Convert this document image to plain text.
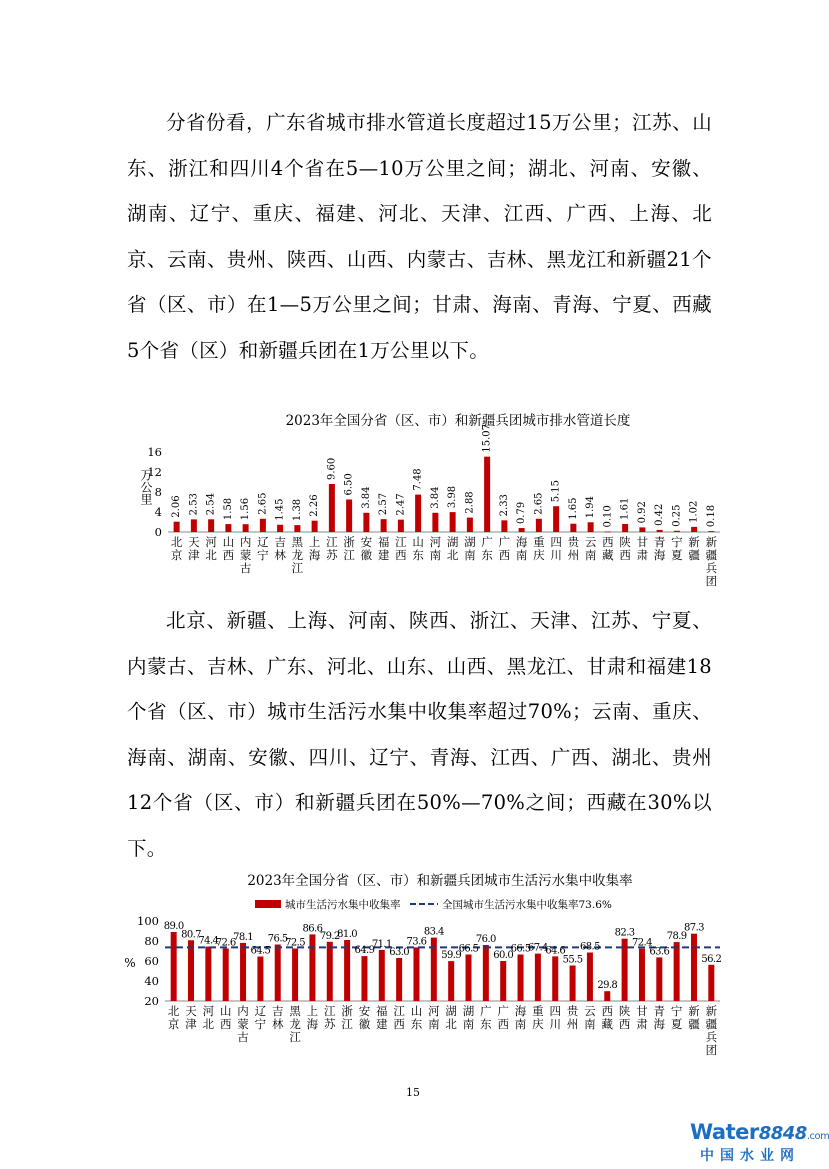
分省份看，广东省城市排水管道长度超过15万公里；江苏、山东、浙江和四川4个省在5—10万公里之间；湖北、河南、安徽、湖南、辽宁、重庆、福建、河北、天津、江西、广西、上海、北京、云南、贵州、陕西、山西、内蒙古、吉林、黑龙江和新疆21个省（区、市）在1—5万公里之间；甘肃、海南、青海、宁夏、西藏5个省（区）和新疆兵团在1万公里以下。

2023年全国分省（区、市）和新疆兵团城市排水管道长度
0
4
8
12
16
万公里
2.06 2.53 2.54 1.58 1.56 2.65 1.45 1.38 2.26
9.60
6.50
3.84 2.57 2.47
7.48
3.84 3.98 2.88
15.07
2.33 0.79 2.65
5.15
1.65 1.94 0.10 1.61 0.92 0.42 0.25 1.02 0.18
北京
天津
河北
山西
内蒙古
辽宁
吉林
黑龙江
上海
江苏
浙江
安徽
福建
江西
山东
河南
湖北
湖南
广东
广西
海南
重庆
四川
贵州
云南
西藏
陕西
甘肃
青海
宁夏
新疆
新疆兵团

北京、新疆、上海、河南、陕西、浙江、天津、江苏、宁夏、内蒙古、吉林、广东、河北、山东、山西、黑龙江、甘肃和福建18个省（区、市）城市生活污水集中收集率超过70%；云南、重庆、海南、湖南、安徽、四川、辽宁、青海、江西、广西、湖北、贵州12个省（区、市）和新疆兵团在50%—70%之间；西藏在30%以下。

2023年全国分省（区、市）和新疆兵团城市生活污水集中收集率
城市生活污水集中收集率	全国城市生活污水集中收集率73.6%
20
40
60
80
100
%
89.0
80.7
74.4
72.6
78.1
64.5
76.5
72.5
86.6
79.2
81.0
64.9
71.1
63.0
73.6
83.4
59.9
66.5
76.0
60.0
66.5
67.4
64.6
55.5
68.5
29.8
82.3
72.4
63.6
78.9
87.3
56.2
北京
天津
河北
山西
内蒙古
辽宁
吉林
黑龙江
上海
江苏
浙江
安徽
福建
江西
山东
河南
湖北
湖南
广东
广西
海南
重庆
四川
贵州
云南
西藏
陕西
甘肃
青海
宁夏
新疆
新疆兵团
15
Water8848.com
中国水业网
